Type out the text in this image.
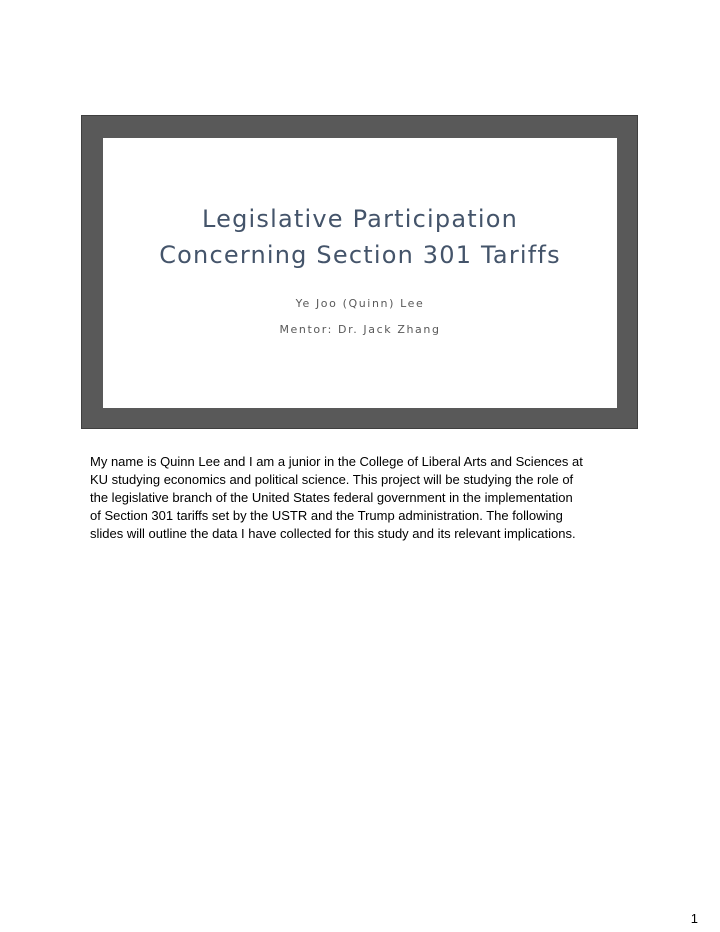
Legislative Participation
Concerning Section 301 Tariffs
Ye Joo (Quinn) Lee
Mentor: Dr. Jack Zhang

My name is Quinn Lee and I am a junior in the College of Liberal Arts and Sciences at
KU studying economics and political science. This project will be studying the role of
the legislative branch of the United States federal government in the implementation
of Section 301 tariffs set by the USTR and the Trump administration. The following
slides will outline the data I have collected for this study and its relevant implications.

1
